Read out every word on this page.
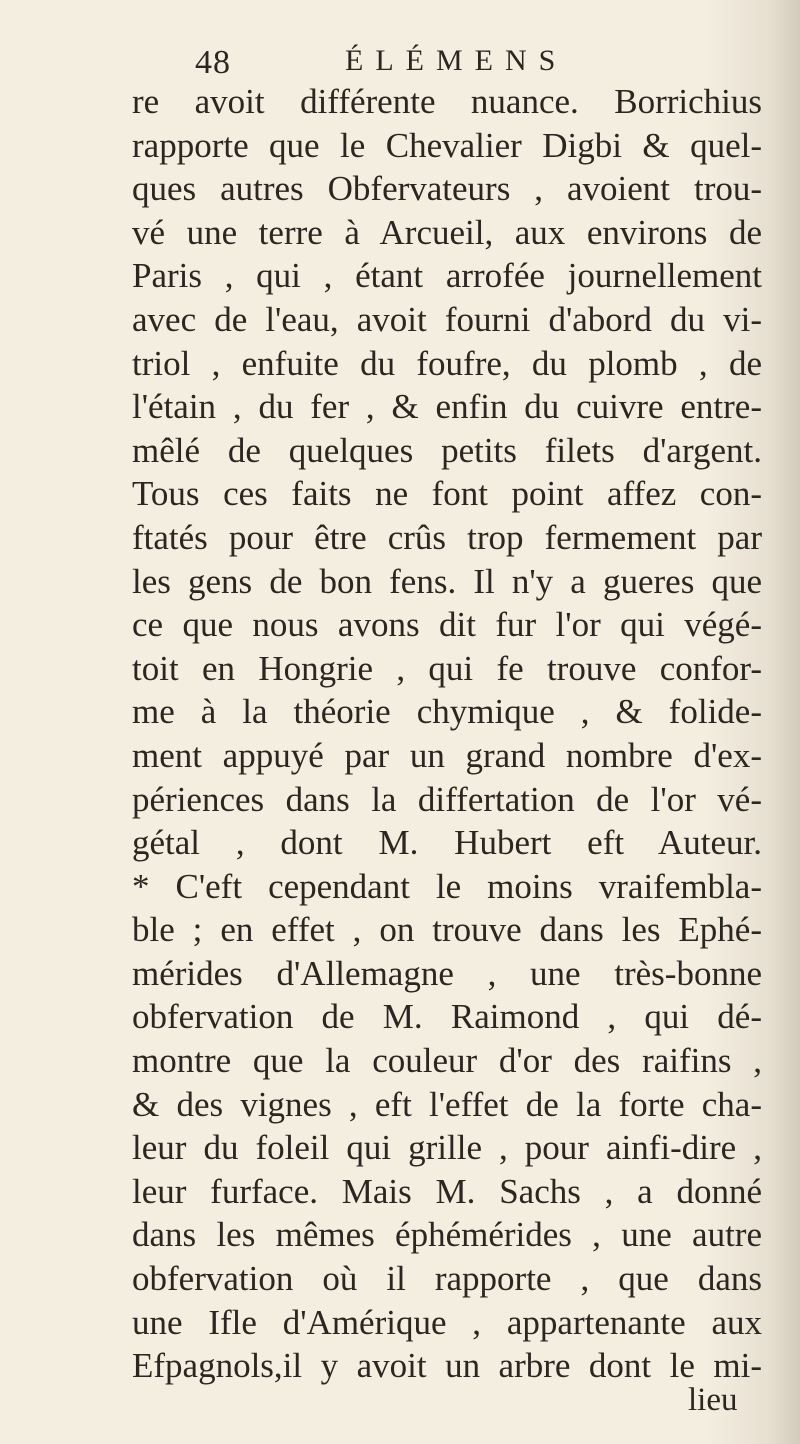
48	ÉLÉMENS
re avoit différente nuance. Borrichius
rapporte que le Chevalier Digbi & quel-
ques autres Obfervateurs , avoient trou-
vé une terre à Arcueil, aux environs de
Paris , qui , étant arrofée journellement
avec de l'eau, avoit fourni d'abord du vi-
triol , enfuite du foufre, du plomb , de
l'étain , du fer , & enfin du cuivre entre-
mêlé de quelques petits filets d'argent.
Tous ces faits ne font point affez con-
ftatés pour être crûs trop fermement par
les gens de bon fens. Il n'y a gueres que
ce que nous avons dit fur l'or qui végé-
toit en Hongrie , qui fe trouve confor-
me à la théorie chymique , & folide-
ment appuyé par un grand nombre d'ex-
périences dans la differtation de l'or vé-
gétal , dont M. Hubert eft Auteur.
* C'eft cependant le moins vraifembla-
ble ; en effet , on trouve dans les Ephé-
mérides d'Allemagne , une très-bonne
obfervation de M. Raimond , qui dé-
montre que la couleur d'or des raifins ,
& des vignes , eft l'effet de la forte cha-
leur du foleil qui grille , pour ainfi-dire ,
leur furface. Mais M. Sachs , a donné
dans les mêmes éphémérides , une autre
obfervation où il rapporte , que dans
une Ifle d'Amérique , appartenante aux
Efpagnols,il y avoit un arbre dont le mi-
lieu
